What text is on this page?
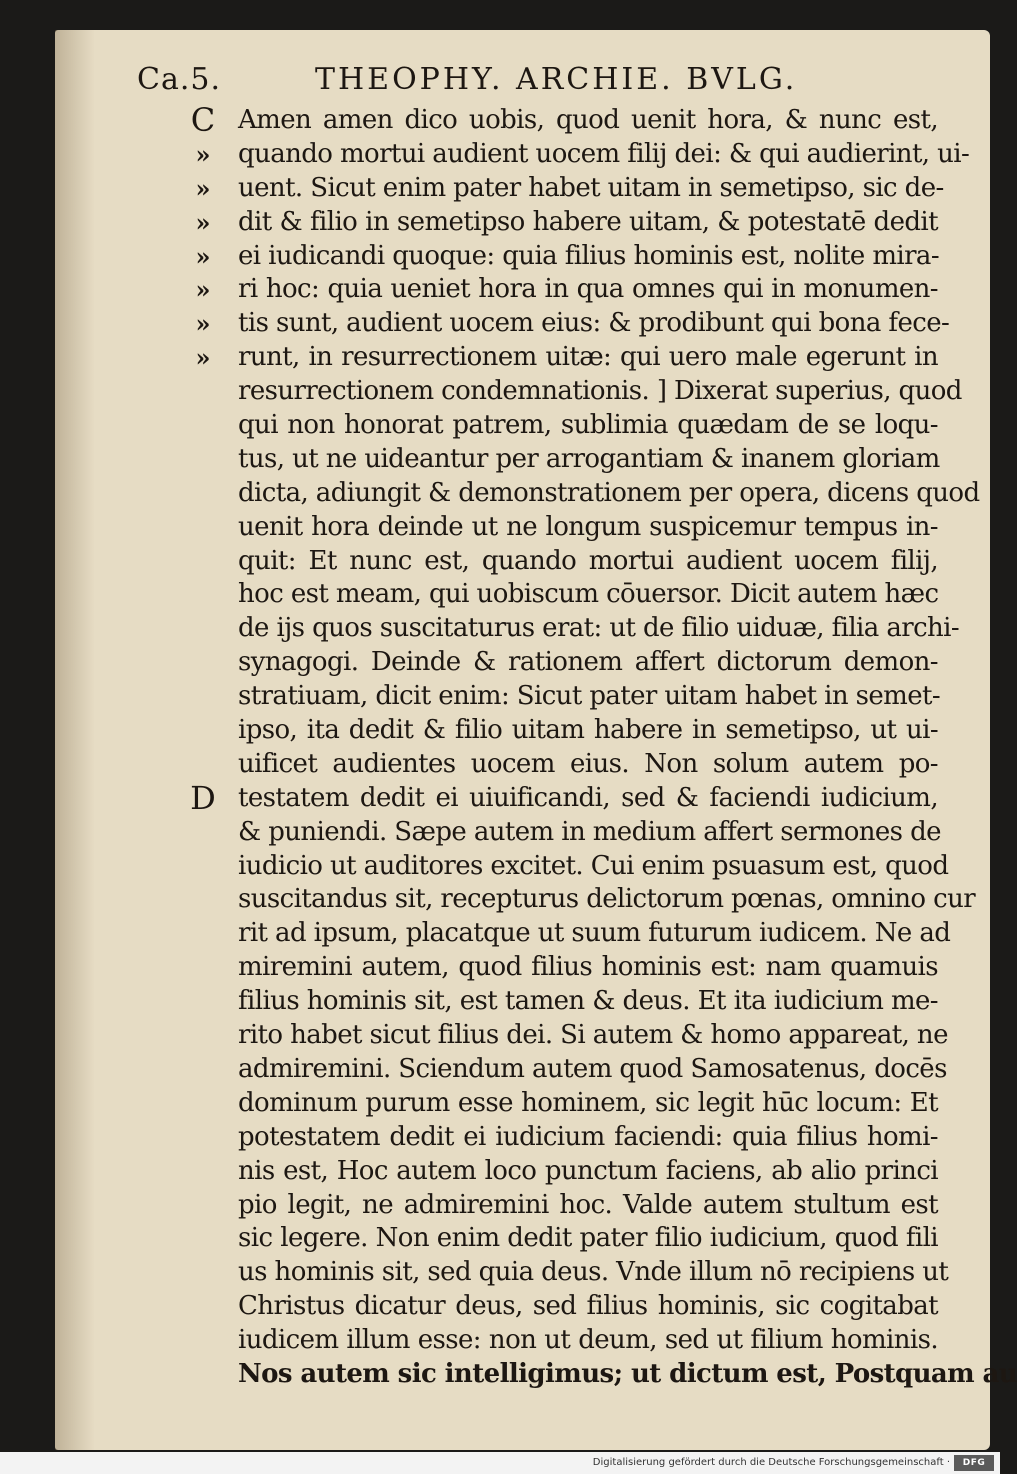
Ca.5.	THEOPHY. ARCHIE. BVLG.
C
»
»
»
»
»
»
»
D
Amen amen dico uobis, quod uenit hora, & nunc est,
quando mortui audient uocem filij dei: & qui audierint, ui-
uent. Sicut enim pater habet uitam in semetipso, sic de-
dit & filio in semetipso habere uitam, & potestatē dedit
ei iudicandi quoque: quia filius hominis est, nolite mira-
ri hoc: quia ueniet hora in qua omnes qui in monumen-
tis sunt, audient uocem eius: & prodibunt qui bona fece-
runt, in resurrectionem uitæ: qui uero male egerunt in
resurrectionem condemnationis. ] Dixerat superius, quod
qui non honorat patrem, sublimia quædam de se loqu-
tus, ut ne uideantur per arrogantiam & inanem gloriam
dicta, adiungit & demonstrationem per opera, dicens quod
uenit hora deinde ut ne longum suspicemur tempus in-
quit: Et nunc est, quando mortui audient uocem filij,
hoc est meam, qui uobiscum cōuersor. Dicit autem hæc
de ijs quos suscitaturus erat: ut de filio uiduæ, filia archi-
synagogi. Deinde & rationem affert dictorum demon-
stratiuam, dicit enim: Sicut pater uitam habet in semet-
ipso, ita dedit & filio uitam habere in semetipso, ut ui-
uificet audientes uocem eius. Non solum autem po-
testatem dedit ei uiuificandi, sed & faciendi iudicium,
& puniendi. Sæpe autem in medium affert sermones de
iudicio ut auditores excitet. Cui enim psuasum est, quod
suscitandus sit, recepturus delictorum pœnas, omnino cur
rit ad ipsum, placatque ut suum futurum iudicem. Ne ad
miremini autem, quod filius hominis est: nam quamuis
filius hominis sit, est tamen & deus. Et ita iudicium me-
rito habet sicut filius dei. Si autem & homo appareat, ne
admiremini. Sciendum autem quod Samosatenus, docēs
dominum purum esse hominem, sic legit hūc locum: Et
potestatem dedit ei iudicium faciendi: quia filius homi-
nis est, Hoc autem loco punctum faciens, ab alio princi
pio legit, ne admiremini hoc. Valde autem stultum est
sic legere. Non enim dedit pater filio iudicium, quod fili
us hominis sit, sed quia deus. Vnde illum nō recipiens ut
Christus dicatur deus, sed filius hominis, sic cogitabat
iudicem illum esse: non ut deum, sed ut filium hominis.
Nos autem sic intelligimus; ut dictum est, Postquam au
Digitalisierung gefördert durch die Deutsche Forschungsgemeinschaft ·	DFG
